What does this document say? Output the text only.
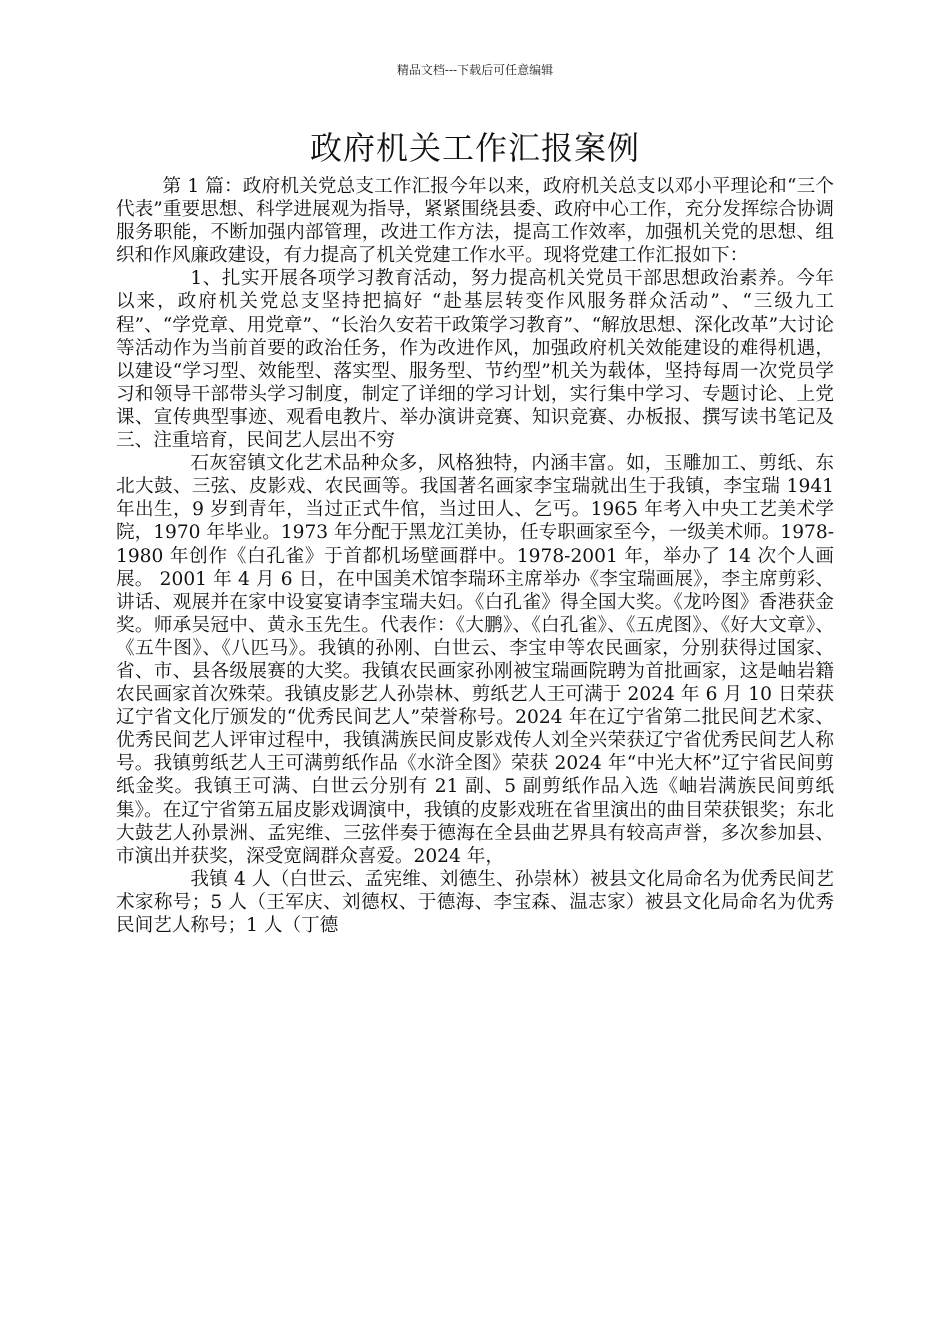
精品文档---下载后可任意编辑
政府机关工作汇报案例

第 1 篇：政府机关党总支工作汇报今年以来，政府机关总支以邓小平理论和“三个代表”重要思想、科学进展观为指导，紧紧围绕县委、政府中心工作，充分发挥综合协调服务职能，不断加强内部管理，改进工作方法，提高工作效率，加强机关党的思想、组织和作风廉政建设，有力提高了机关党建工作水平。现将党建工作汇报如下：

1、扎实开展各项学习教育活动，努力提高机关党员干部思想政治素养。今年以来，政府机关党总支坚持把搞好 “赴基层转变作风服务群众活动”、“三级九工程”、“学党章、用党章”、“长治久安若干政策学习教育”、“解放思想、深化改革”大讨论等活动作为当前首要的政治任务，作为改进作风，加强政府机关效能建设的难得机遇，以建设“学习型、效能型、落实型、服务型、节约型”机关为载体，坚持每周一次党员学习和领导干部带头学习制度，制定了详细的学习计划，实行集中学习、专题讨论、上党课、宣传典型事迹、观看电教片、举办演讲竞赛、知识竞赛、办板报、撰写读书笔记及三、注重培育，民间艺人层出不穷

石灰窑镇文化艺术品种众多，风格独特，内涵丰富。如，玉雕加工、剪纸、东北大鼓、三弦、皮影戏、农民画等。我国著名画家李宝瑞就出生于我镇，李宝瑞 1941 年出生，9 岁到青年，当过正式牛倌，当过田人、乞丐。1965 年考入中央工艺美术学院，1970 年毕业。1973 年分配于黑龙江美协，任专职画家至今，一级美术师。1978-1980 年创作《白孔雀》于首都机场壁画群中。1978-2001 年，举办了 14 次个人画展。 2001 年 4 月 6 日，在中国美术馆李瑞环主席举办《李宝瑞画展》，李主席剪彩、讲话、观展并在家中设宴宴请李宝瑞夫妇。《白孔雀》得全国大奖。《龙吟图》香港获金奖。师承吴冠中、黄永玉先生。代表作：《大鹏》、《白孔雀》、《五虎图》、《好大文章》、《五牛图》、《八匹马》。我镇的孙刚、白世云、李宝申等农民画家，分别获得过国家、省、市、县各级展赛的大奖。我镇农民画家孙刚被宝瑞画院聘为首批画家，这是岫岩籍农民画家首次殊荣。我镇皮影艺人孙崇林、剪纸艺人王可满于 2024 年 6 月 10 日荣获辽宁省文化厅颁发的“优秀民间艺人”荣誉称号。2024 年在辽宁省第二批民间艺术家、优秀民间艺人评审过程中，我镇满族民间皮影戏传人刘全兴荣获辽宁省优秀民间艺人称号。我镇剪纸艺人王可满剪纸作品《水浒全图》荣获 2024 年“中光大杯”辽宁省民间剪纸金奖。我镇王可满、白世云分别有 21 副、5 副剪纸作品入选《岫岩满族民间剪纸集》。在辽宁省第五届皮影戏调演中，我镇的皮影戏班在省里演出的曲目荣获银奖；东北大鼓艺人孙景洲、孟宪维、三弦伴奏于德海在全县曲艺界具有较高声誉，多次参加县、市演出并获奖，深受宽阔群众喜爱。2024 年，

我镇 4 人（白世云、孟宪维、刘德生、孙崇林）被县文化局命名为优秀民间艺术家称号；5 人（王军庆、刘德权、于德海、李宝森、温志家）被县文化局命名为优秀民间艺人称号；1 人（丁德
